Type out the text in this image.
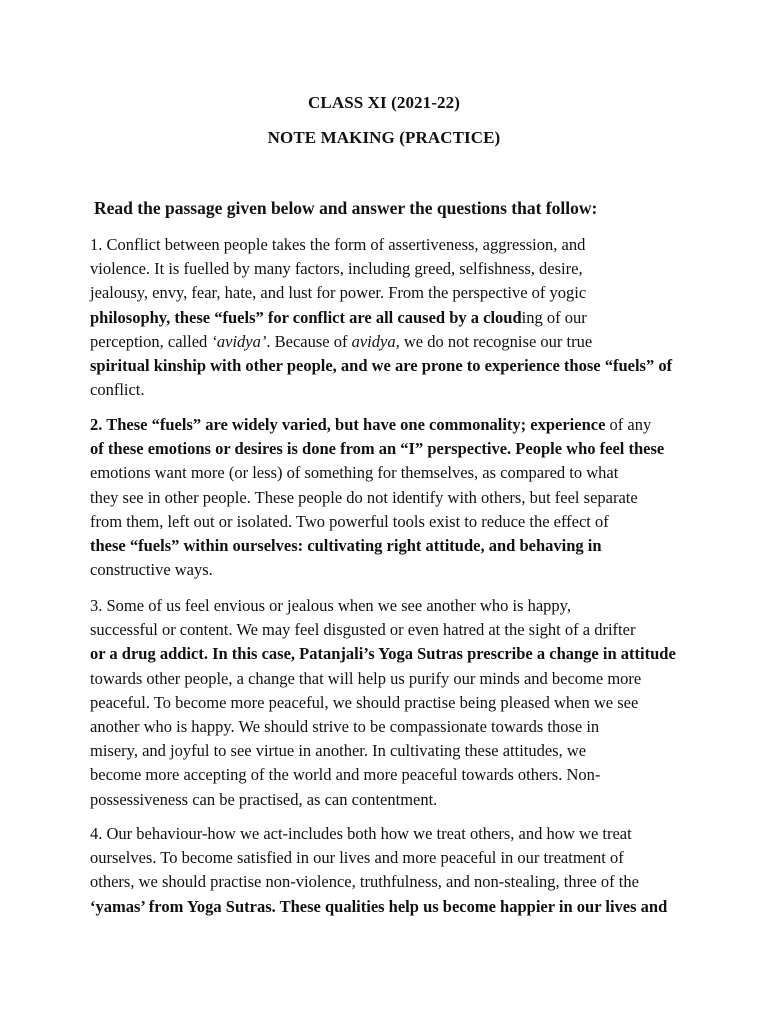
CLASS XI (2021-22)
NOTE MAKING (PRACTICE)
Read the passage given below and answer the questions that follow:
1. Conflict between people takes the form of assertiveness, aggression, and
violence. It is fuelled by many factors, including greed, selfishness, desire,
jealousy, envy, fear, hate, and lust for power. From the perspective of yogic
philosophy, these “fuels” for conflict are all caused by a clouding of our
perception, called ‘avidya’. Because of avidya, we do not recognise our true
spiritual kinship with other people, and we are prone to experience those “fuels” of
conflict.
2. These “fuels” are widely varied, but have one commonality; experience of any
of these emotions or desires is done from an “I” perspective. People who feel these
emotions want more (or less) of something for themselves, as compared to what
they see in other people. These people do not identify with others, but feel separate
from them, left out or isolated. Two powerful tools exist to reduce the effect of
these “fuels” within ourselves: cultivating right attitude, and behaving in
constructive ways.
3. Some of us feel envious or jealous when we see another who is happy,
successful or content. We may feel disgusted or even hatred at the sight of a drifter
or a drug addict. In this case, Patanjali’s Yoga Sutras prescribe a change in attitude
towards other people, a change that will help us purify our minds and become more
peaceful. To become more peaceful, we should practise being pleased when we see
another who is happy. We should strive to be compassionate towards those in
misery, and joyful to see virtue in another. In cultivating these attitudes, we
become more accepting of the world and more peaceful towards others. Non-
possessiveness can be practised, as can contentment.
4. Our behaviour-how we act-includes both how we treat others, and how we treat
ourselves. To become satisfied in our lives and more peaceful in our treatment of
others, we should practise non-violence, truthfulness, and non-stealing, three of the
‘yamas’ from Yoga Sutras. These qualities help us become happier in our lives and
